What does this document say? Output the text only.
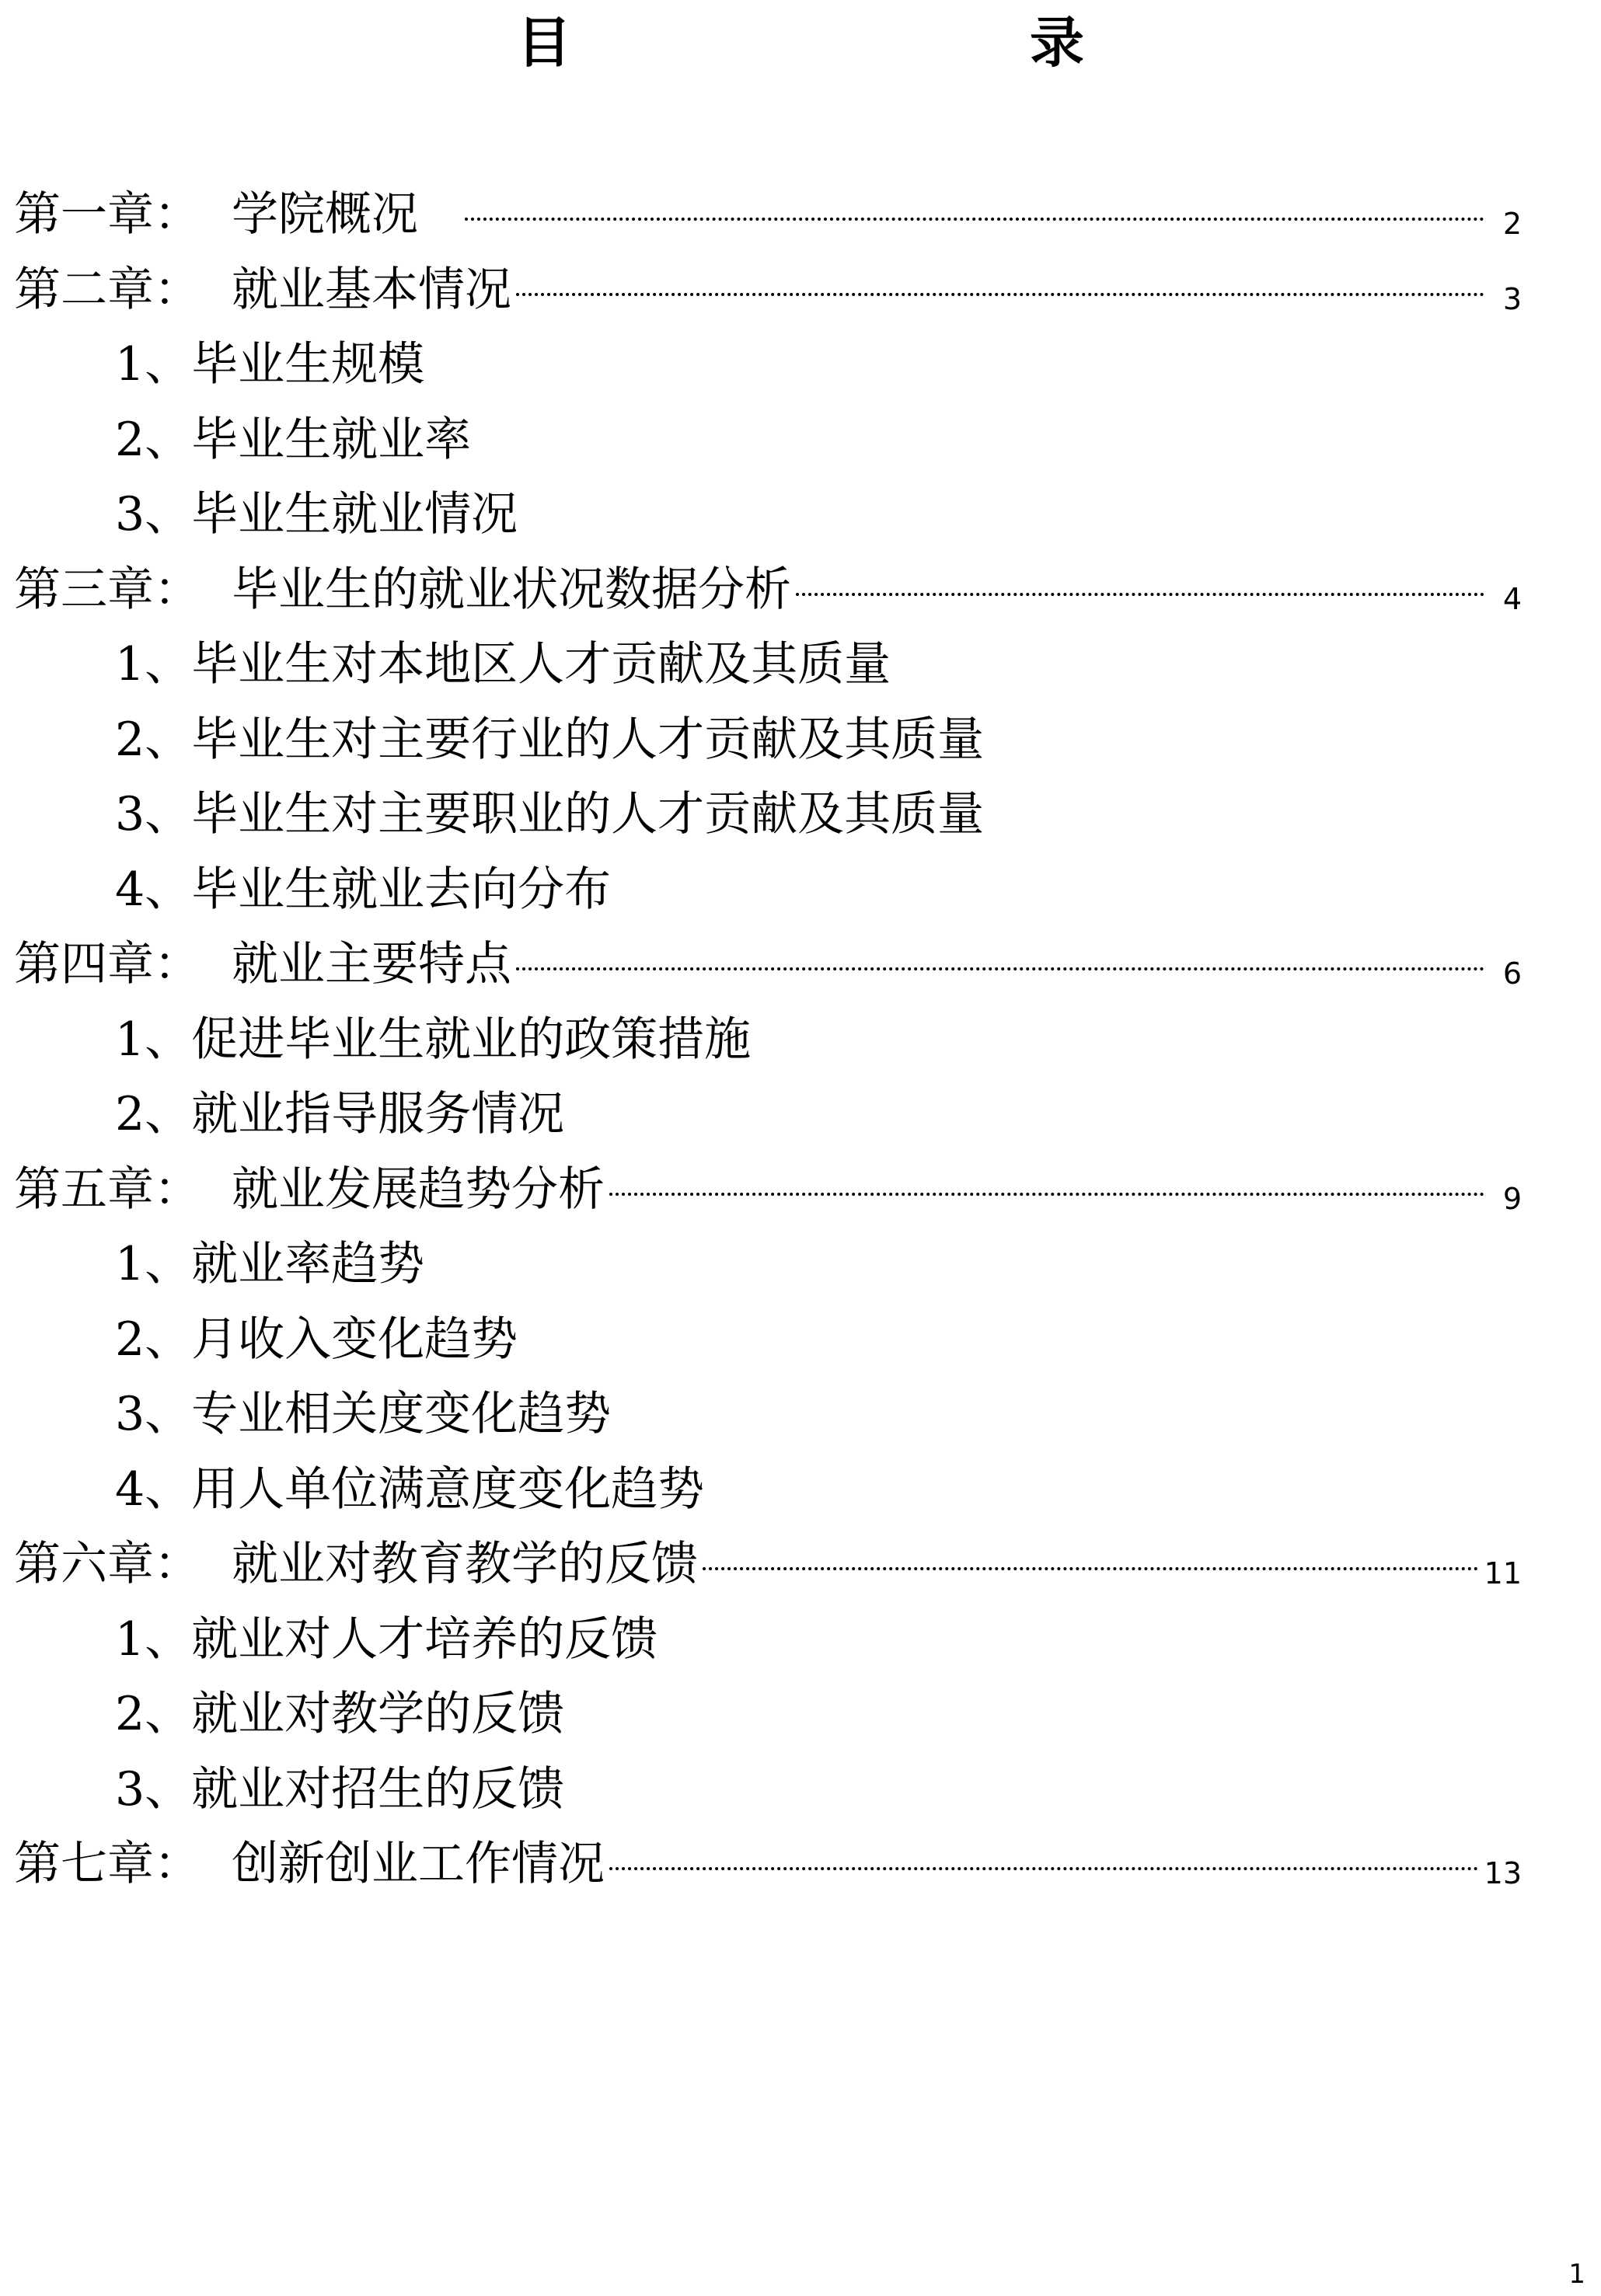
目　　录
第一章： 学院概况	2
第二章： 就业基本情况	3
1、毕业生规模
2、毕业生就业率
3、毕业生就业情况
第三章： 毕业生的就业状况数据分析	4
1、毕业生对本地区人才贡献及其质量
2、毕业生对主要行业的人才贡献及其质量
3、毕业生对主要职业的人才贡献及其质量
4、毕业生就业去向分布
第四章： 就业主要特点	6
1、促进毕业生就业的政策措施
2、就业指导服务情况
第五章： 就业发展趋势分析	9
1、就业率趋势
2、月收入变化趋势
3、专业相关度变化趋势
4、用人单位满意度变化趋势
第六章： 就业对教育教学的反馈	11
1、就业对人才培养的反馈
2、就业对教学的反馈
3、就业对招生的反馈
第七章： 创新创业工作情况	13
1
